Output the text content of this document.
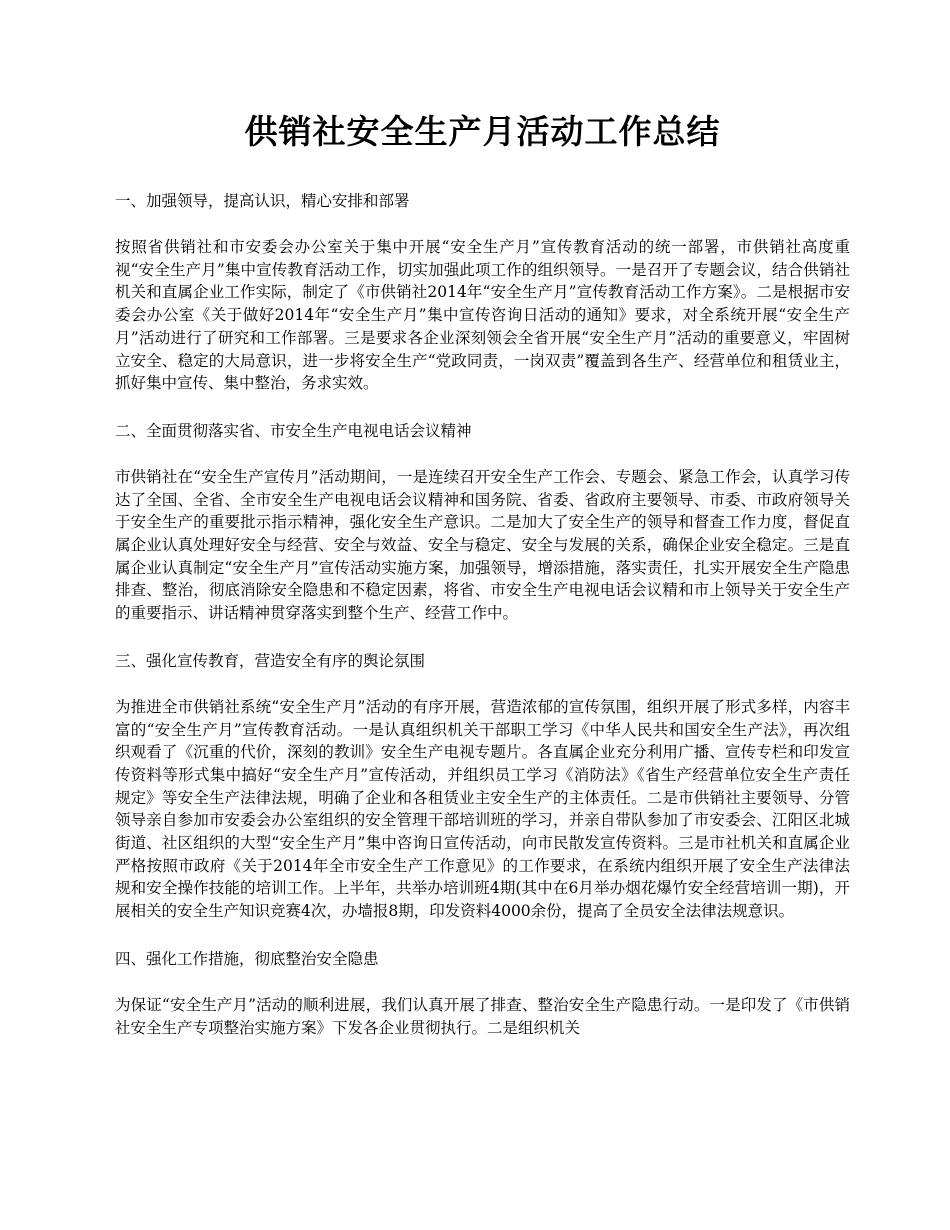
供销社安全生产月活动工作总结

一、加强领导，提高认识，精心安排和部署

按照省供销社和市安委会办公室关于集中开展“安全生产月”宣传教育活动的统一部署，市供销社高度重视“安全生产月”集中宣传教育活动工作，切实加强此项工作的组织领导。一是召开了专题会议，结合供销社机关和直属企业工作实际，制定了《市供销社2014年“安全生产月”宣传教育活动工作方案》。二是根据市安委会办公室《关于做好2014年“安全生产月”集中宣传咨询日活动的通知》要求，对全系统开展“安全生产月”活动进行了研究和工作部署。三是要求各企业深刻领会全省开展“安全生产月”活动的重要意义，牢固树立安全、稳定的大局意识，进一步将安全生产“党政同责，一岗双责”覆盖到各生产、经营单位和租赁业主，抓好集中宣传、集中整治，务求实效。

二、全面贯彻落实省、市安全生产电视电话会议精神

市供销社在“安全生产宣传月”活动期间，一是连续召开安全生产工作会、专题会、紧急工作会，认真学习传达了全国、全省、全市安全生产电视电话会议精神和国务院、省委、省政府主要领导、市委、市政府领导关于安全生产的重要批示指示精神，强化安全生产意识。二是加大了安全生产的领导和督查工作力度，督促直属企业认真处理好安全与经营、安全与效益、安全与稳定、安全与发展的关系，确保企业安全稳定。三是直属企业认真制定“安全生产月”宣传活动实施方案，加强领导，增添措施，落实责任，扎实开展安全生产隐患排查、整治，彻底消除安全隐患和不稳定因素，将省、市安全生产电视电话会议精和市上领导关于安全生产的重要指示、讲话精神贯穿落实到整个生产、经营工作中。

三、强化宣传教育，营造安全有序的舆论氛围

为推进全市供销社系统“安全生产月”活动的有序开展，营造浓郁的宣传氛围，组织开展了形式多样，内容丰富的“安全生产月”宣传教育活动。一是认真组织机关干部职工学习《中华人民共和国安全生产法》，再次组织观看了《沉重的代价，深刻的教训》安全生产电视专题片。各直属企业充分利用广播、宣传专栏和印发宣传资料等形式集中搞好“安全生产月”宣传活动，并组织员工学习《消防法》《省生产经营单位安全生产责任规定》等安全生产法律法规，明确了企业和各租赁业主安全生产的主体责任。二是市供销社主要领导、分管领导亲自参加市安委会办公室组织的安全管理干部培训班的学习，并亲自带队参加了市安委会、江阳区北城街道、社区组织的大型“安全生产月”集中咨询日宣传活动，向市民散发宣传资料。三是市社机关和直属企业严格按照市政府《关于2014年全市安全生产工作意见》的工作要求，在系统内组织开展了安全生产法律法规和安全操作技能的培训工作。上半年，共举办培训班4期(其中在6月举办烟花爆竹安全经营培训一期)，开展相关的安全生产知识竞赛4次，办墙报8期，印发资料4000余份，提高了全员安全法律法规意识。

四、强化工作措施，彻底整治安全隐患

为保证“安全生产月”活动的顺利进展，我们认真开展了排查、整治安全生产隐患行动。一是印发了《市供销社安全生产专项整治实施方案》下发各企业贯彻执行。二是组织机关
